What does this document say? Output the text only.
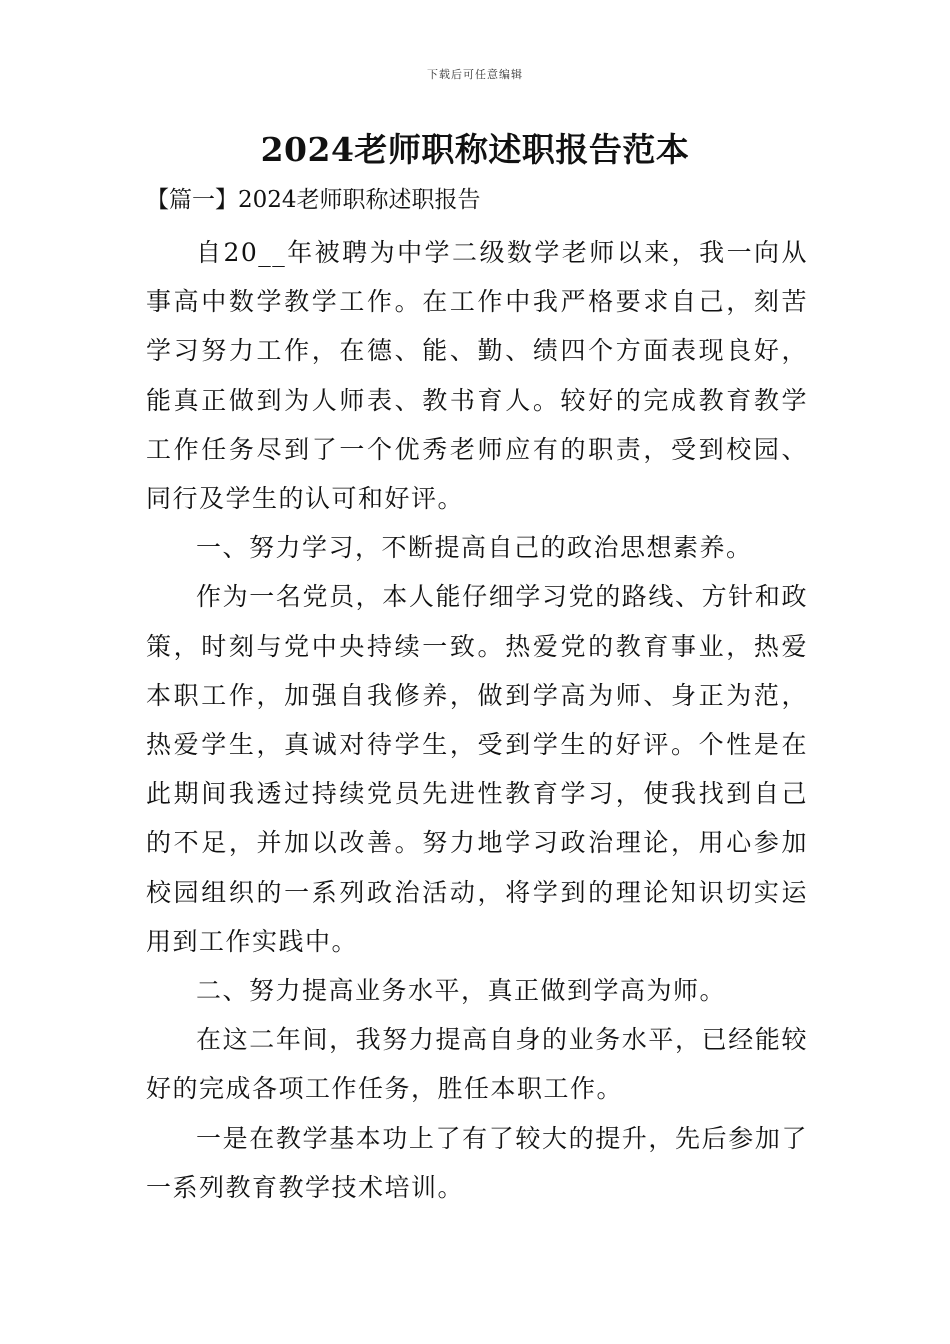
下载后可任意编辑
2024老师职称述职报告范本
【篇一】2024老师职称述职报告

自20__年被聘为中学二级数学老师以来，我一向从事高中数学教学工作。在工作中我严格要求自己，刻苦学习努力工作，在德、能、勤、绩四个方面表现良好，能真正做到为人师表、教书育人。较好的完成教育教学工作任务尽到了一个优秀老师应有的职责，受到校园、同行及学生的认可和好评。

一、努力学习，不断提高自己的政治思想素养。

作为一名党员，本人能仔细学习党的路线、方针和政策，时刻与党中央持续一致。热爱党的教育事业，热爱本职工作，加强自我修养，做到学高为师、身正为范，热爱学生，真诚对待学生，受到学生的好评。个性是在此期间我透过持续党员先进性教育学习，使我找到自己的不足，并加以改善。努力地学习政治理论，用心参加校园组织的一系列政治活动，将学到的理论知识切实运用到工作实践中。

二、努力提高业务水平，真正做到学高为师。

在这二年间，我努力提高自身的业务水平，已经能较好的完成各项工作任务，胜任本职工作。

一是在教学基本功上了有了较大的提升，先后参加了一系列教育教学技术培训。
